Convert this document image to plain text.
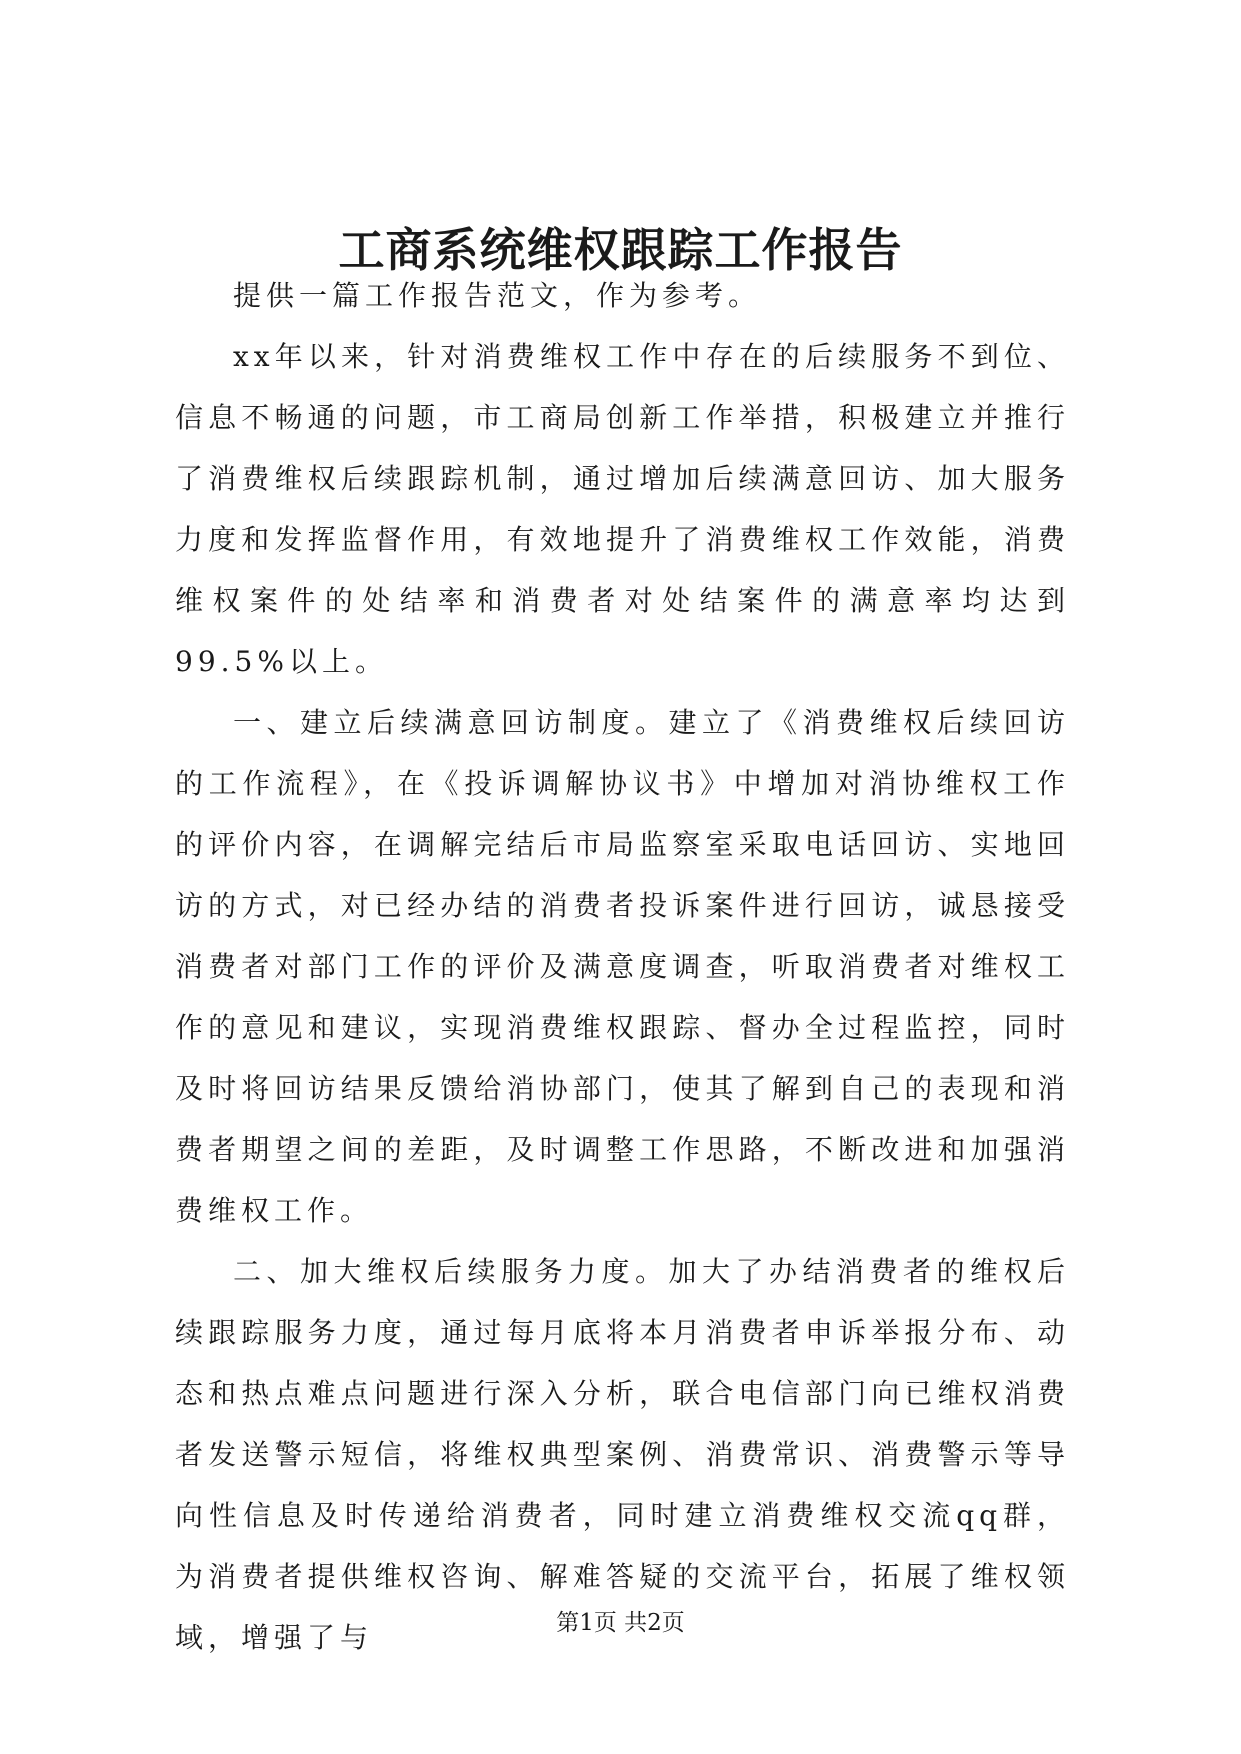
工商系统维权跟踪工作报告

提供一篇工作报告范文，作为参考。

xx年以来，针对消费维权工作中存在的后续服务不到位、信息不畅通的问题，市工商局创新工作举措，积极建立并推行了消费维权后续跟踪机制，通过增加后续满意回访、加大服务力度和发挥监督作用，有效地提升了消费维权工作效能，消费维权案件的处结率和消费者对处结案件的满意率均达到99.5%以上。

一、建立后续满意回访制度。建立了《消费维权后续回访的工作流程》，在《投诉调解协议书》中增加对消协维权工作的评价内容，在调解完结后市局监察室采取电话回访、实地回访的方式，对已经办结的消费者投诉案件进行回访，诚恳接受消费者对部门工作的评价及满意度调查，听取消费者对维权工作的意见和建议，实现消费维权跟踪、督办全过程监控，同时及时将回访结果反馈给消协部门，使其了解到自己的表现和消费者期望之间的差距，及时调整工作思路，不断改进和加强消费维权工作。

二、加大维权后续服务力度。加大了办结消费者的维权后续跟踪服务力度，通过每月底将本月消费者申诉举报分布、动态和热点难点问题进行深入分析，联合电信部门向已维权消费者发送警示短信，将维权典型案例、消费常识、消费警示等导向性信息及时传递给消费者，同时建立消费维权交流qq群，为消费者提供维权咨询、解难答疑的交流平台，拓展了维权领域，增强了与	第1页 共2页
